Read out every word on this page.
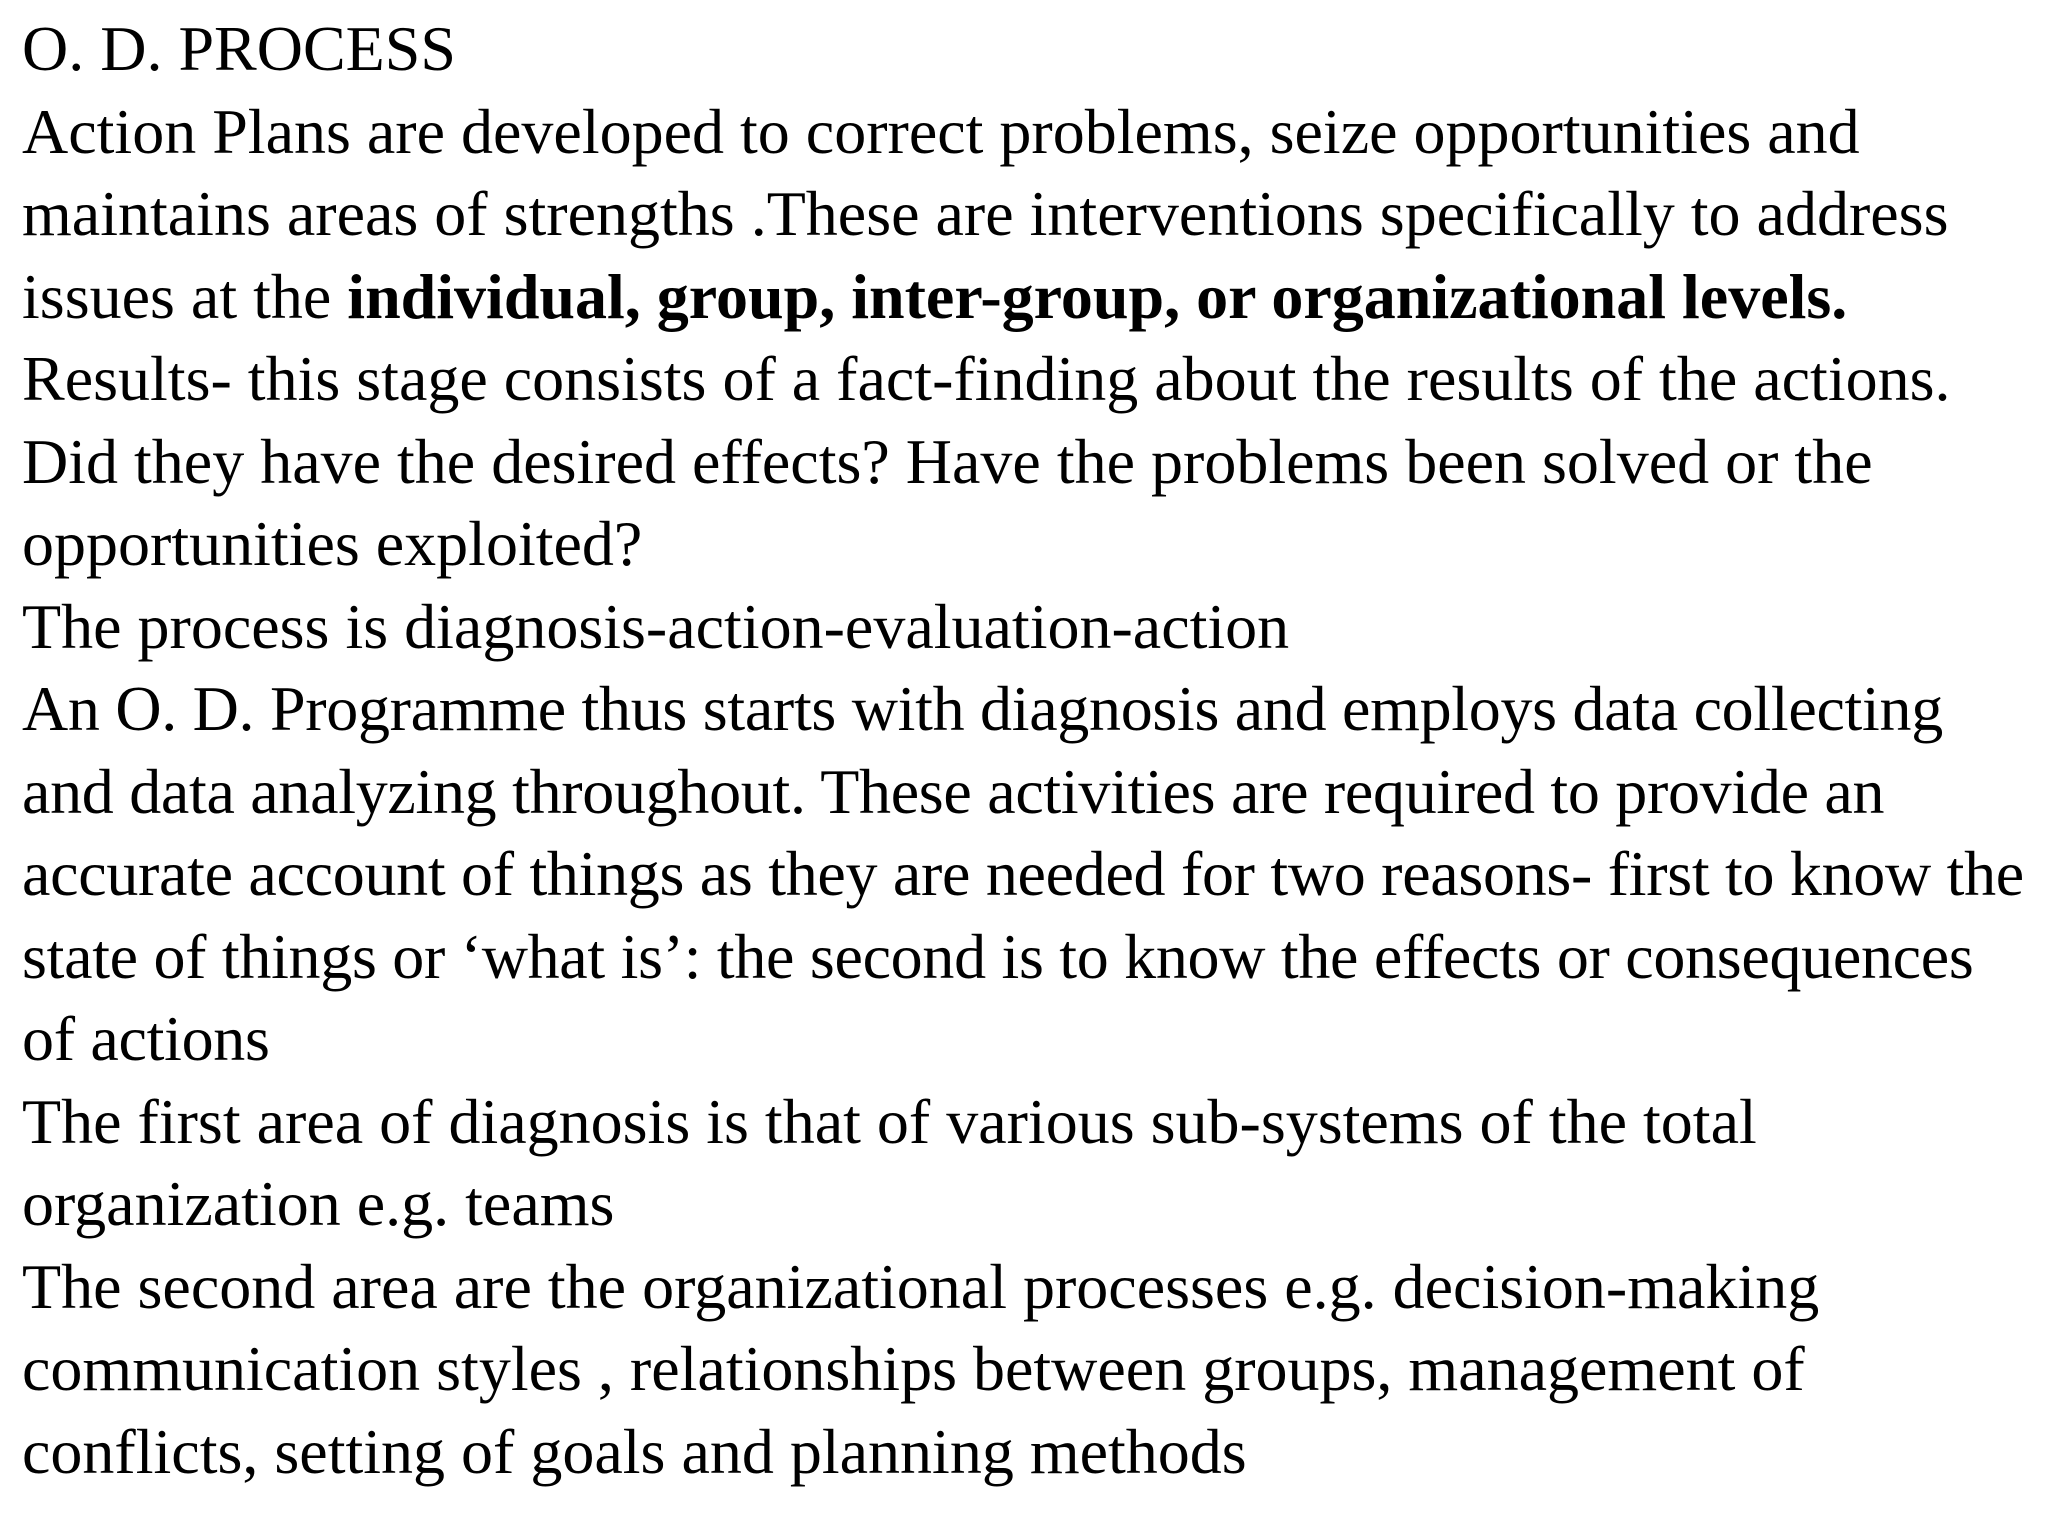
O. D. PROCESS

Action Plans are developed to correct problems, seize opportunities and maintains areas of strengths .These are interventions specifically to address issues at the individual, group, inter-group, or organizational levels.

Results- this stage consists of a fact-finding about the results of the actions. Did they have the desired effects? Have the problems been solved or the opportunities exploited?

The process is diagnosis-action-evaluation-action

An O. D. Programme thus starts with diagnosis and employs data collecting and data analyzing throughout. These activities are required to provide an accurate account of things as they are needed for two reasons- first to know the state of things or ‘what is’: the second is to know the effects or consequences of actions

The first area of diagnosis is that of various sub-systems of the total organization e.g. teams

The second area are the organizational processes e.g. decision-making communication styles , relationships between groups, management of conflicts, setting of goals and planning methods
